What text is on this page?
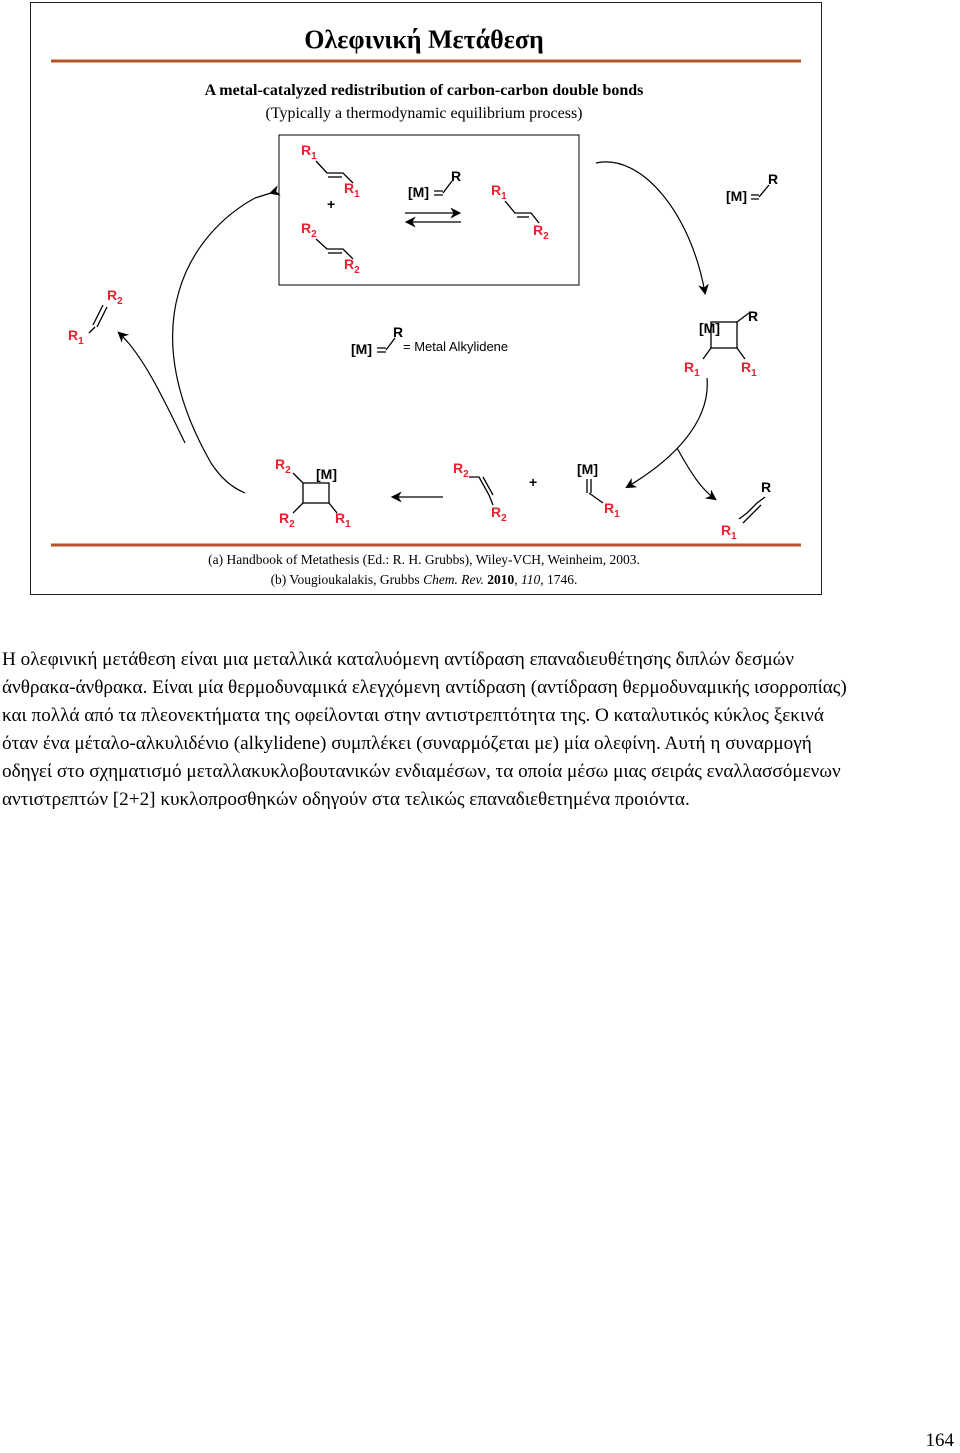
Ολεφινική Μετάθεση
A metal-catalyzed redistribution of carbon-carbon double bonds
(Typically a thermodynamic equilibrium process)
$R_1$
$R_1$
+
$R_2$
$R_2$
[M]
R
$R_1$
$R_2$
[M]
R
[M]
R
$R_1$	$R_1$
[M]
R
= Metal Alkylidene
$R_2$
$R_1$
$R_2$ [M]
$R_2$	$R_1$
$R_2$
$R_2$
+
[M]
$R_1$
R
$R_1$
(a) Handbook of Metathesis (Ed.: R. H. Grubbs), Wiley-VCH, Weinheim, 2003.
(b) Vougioukalakis, Grubbs Chem. Rev. 2010, 110, 1746.

Η ολεφινική μετάθεση είναι μια μεταλλικά καταλυόμενη αντίδραση επαναδιευθέτησης διπλών δεσμών άνθρακα-άνθρακα. Είναι μία θερμοδυναμικά ελεγχόμενη αντίδραση (αντίδραση θερμοδυναμικής ισορροπίας) και πολλά από τα πλεονεκτήματα της οφείλονται στην αντιστρεπτότητα της. Ο καταλυτικός κύκλος ξεκινά όταν ένα μέταλο-αλκυλιδένιο (alkylidene) συμπλέκει (συναρμόζεται με) μία ολεφίνη. Αυτή η συναρμογή οδηγεί στο σχηματισμό μεταλλακυκλοβουτανικών ενδιαμέσων, τα οποία μέσω μιας σειράς εναλλασσόμενων αντιστρεπτών [2+2] κυκλοπροσθηκών οδηγούν στα τελικώς επαναδιεθετημένα προιόντα.

164
